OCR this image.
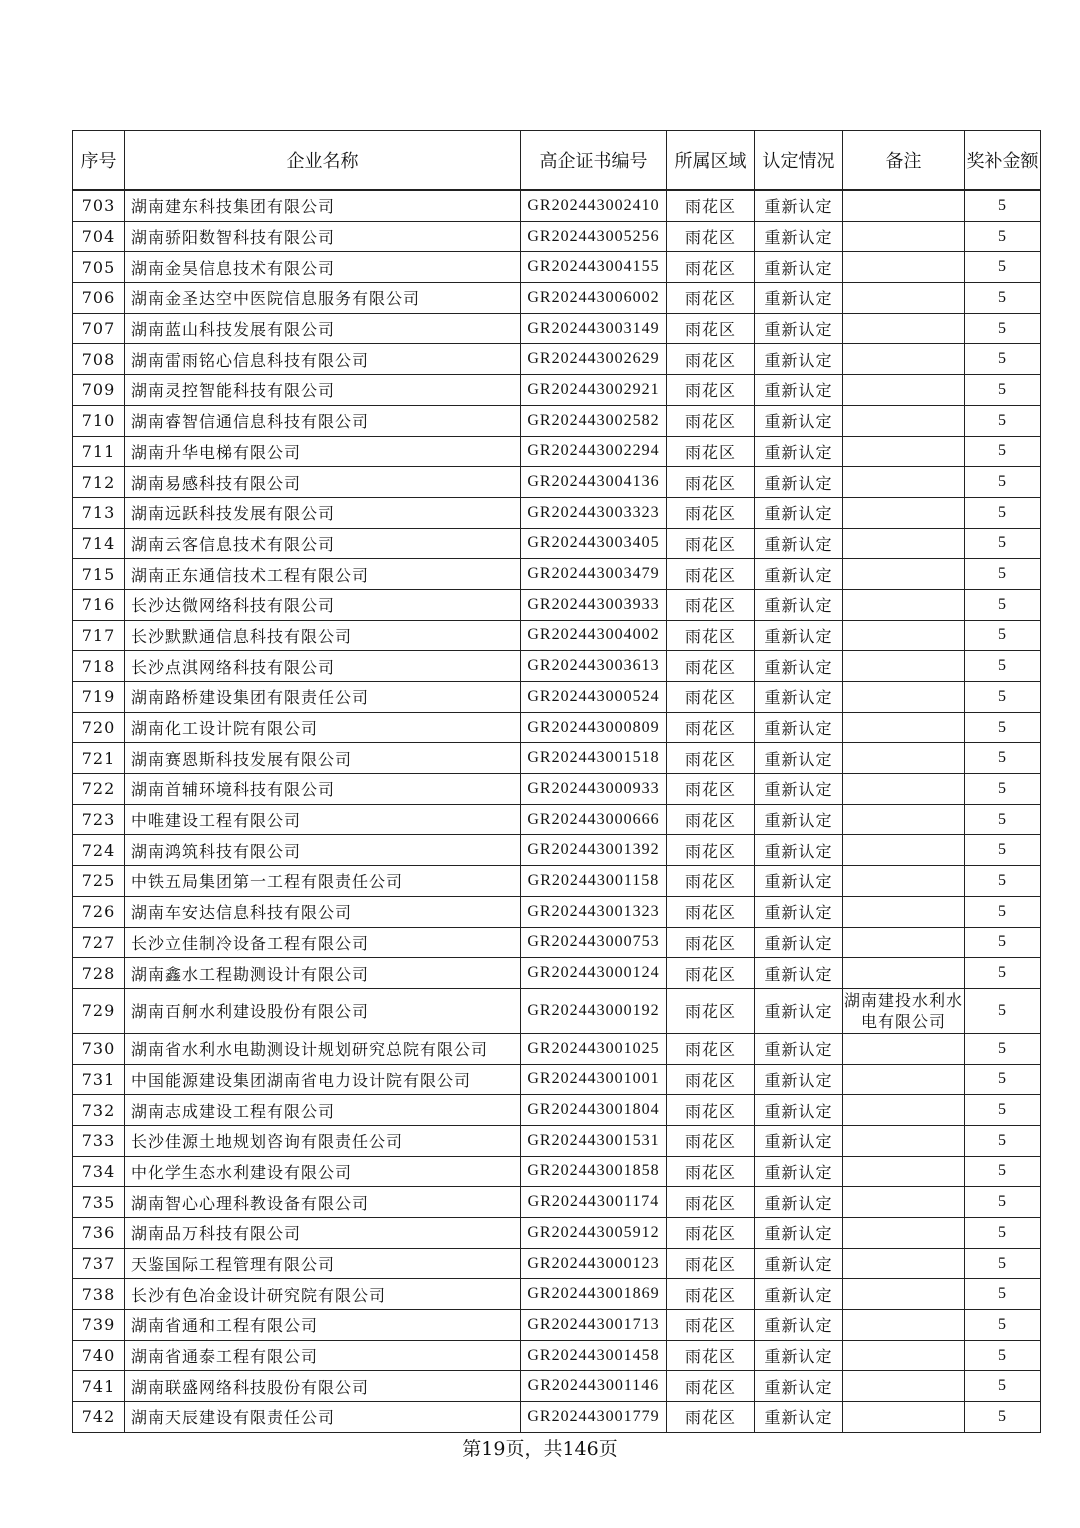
序号	企业名称	高企证书编号	所属区域	认定情况	备注	奖补金额
703	湖南建东科技集团有限公司	GR202443002410	雨花区	重新认定		5
704	湖南骄阳数智科技有限公司	GR202443005256	雨花区	重新认定		5
705	湖南金昊信息技术有限公司	GR202443004155	雨花区	重新认定		5
706	湖南金圣达空中医院信息服务有限公司	GR202443006002	雨花区	重新认定		5
707	湖南蓝山科技发展有限公司	GR202443003149	雨花区	重新认定		5
708	湖南雷雨铭心信息科技有限公司	GR202443002629	雨花区	重新认定		5
709	湖南灵控智能科技有限公司	GR202443002921	雨花区	重新认定		5
710	湖南睿智信通信息科技有限公司	GR202443002582	雨花区	重新认定		5
711	湖南升华电梯有限公司	GR202443002294	雨花区	重新认定		5
712	湖南易感科技有限公司	GR202443004136	雨花区	重新认定		5
713	湖南远跃科技发展有限公司	GR202443003323	雨花区	重新认定		5
714	湖南云客信息技术有限公司	GR202443003405	雨花区	重新认定		5
715	湖南正东通信技术工程有限公司	GR202443003479	雨花区	重新认定		5
716	长沙达微网络科技有限公司	GR202443003933	雨花区	重新认定		5
717	长沙默默通信息科技有限公司	GR202443004002	雨花区	重新认定		5
718	长沙点淇网络科技有限公司	GR202443003613	雨花区	重新认定		5
719	湖南路桥建设集团有限责任公司	GR202443000524	雨花区	重新认定		5
720	湖南化工设计院有限公司	GR202443000809	雨花区	重新认定		5
721	湖南赛恩斯科技发展有限公司	GR202443001518	雨花区	重新认定		5
722	湖南首辅环境科技有限公司	GR202443000933	雨花区	重新认定		5
723	中唯建设工程有限公司	GR202443000666	雨花区	重新认定		5
724	湖南鸿筑科技有限公司	GR202443001392	雨花区	重新认定		5
725	中铁五局集团第一工程有限责任公司	GR202443001158	雨花区	重新认定		5
726	湖南车安达信息科技有限公司	GR202443001323	雨花区	重新认定		5
727	长沙立佳制冷设备工程有限公司	GR202443000753	雨花区	重新认定		5
728	湖南鑫水工程勘测设计有限公司	GR202443000124	雨花区	重新认定		5
729	湖南百舸水利建设股份有限公司	GR202443000192	雨花区	重新认定	湖南建投水利水电有限公司	5
730	湖南省水利水电勘测设计规划研究总院有限公司	GR202443001025	雨花区	重新认定		5
731	中国能源建设集团湖南省电力设计院有限公司	GR202443001001	雨花区	重新认定		5
732	湖南志成建设工程有限公司	GR202443001804	雨花区	重新认定		5
733	长沙佳源土地规划咨询有限责任公司	GR202443001531	雨花区	重新认定		5
734	中化学生态水利建设有限公司	GR202443001858	雨花区	重新认定		5
735	湖南智心心理科教设备有限公司	GR202443001174	雨花区	重新认定		5
736	湖南品万科技有限公司	GR202443005912	雨花区	重新认定		5
737	天鉴国际工程管理有限公司	GR202443000123	雨花区	重新认定		5
738	长沙有色冶金设计研究院有限公司	GR202443001869	雨花区	重新认定		5
739	湖南省通和工程有限公司	GR202443001713	雨花区	重新认定		5
740	湖南省通泰工程有限公司	GR202443001458	雨花区	重新认定		5
741	湖南联盛网络科技股份有限公司	GR202443001146	雨花区	重新认定		5
742	湖南天辰建设有限责任公司	GR202443001779	雨花区	重新认定		5
第19页，共146页
